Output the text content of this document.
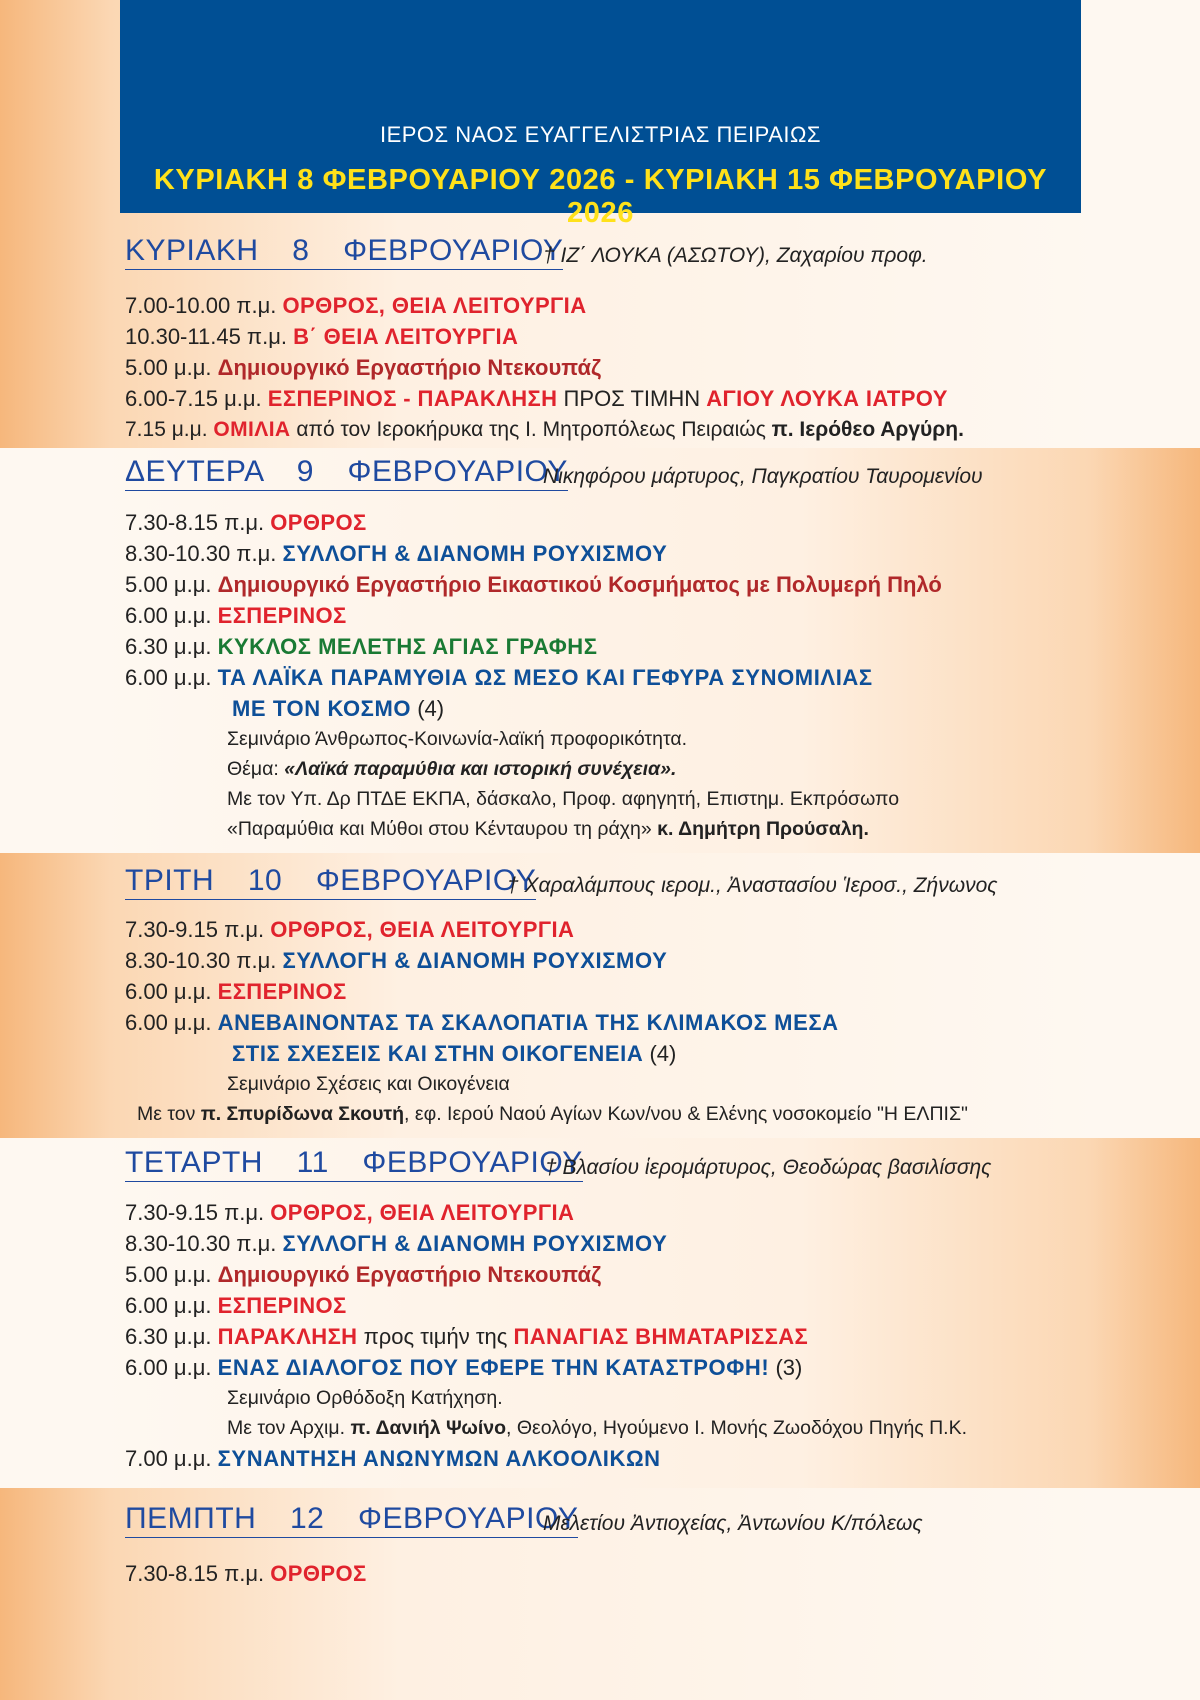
ΙΕΡΟΣ ΝΑΟΣ ΕΥΑΓΓΕΛΙΣΤΡΙΑΣ ΠΕΙΡΑΙΩΣ
ΚΥΡΙΑΚΗ 8 ΦΕΒΡΟΥΑΡΙΟΥ 2026 - ΚΥΡΙΑΚΗ 15 ΦΕΒΡΟΥΑΡΙΟΥ 2026
ΚΥΡΙΑΚΗ  8  ΦΕΒΡΟΥΑΡΙΟΥ
† ΙΖ΄ ΛΟΥΚΑ (ΑΣΩΤΟΥ), Ζαχαρίου προφ.
7.00-10.00 π.μ. ΟΡΘΡΟΣ, ΘΕΙΑ ΛΕΙΤΟΥΡΓΙΑ
10.30-11.45 π.μ. Β΄ ΘΕΙΑ ΛΕΙΤΟΥΡΓΙΑ
5.00 μ.μ. Δημιουργικό Εργαστήριο Ντεκουπάζ
6.00-7.15 μ.μ. ΕΣΠΕΡΙΝΟΣ - ΠΑΡΑΚΛΗΣΗ ΠΡΟΣ ΤΙΜΗΝ ΑΓΙΟΥ ΛΟΥΚΑ ΙΑΤΡΟΥ
7.15 μ.μ. ΟΜΙΛΙΑ από τον Ιεροκήρυκα της Ι. Μητροπόλεως Πειραιώς π. Ιερόθεο Αργύρη.
ΔΕΥΤΕΡΑ  9  ΦΕΒΡΟΥΑΡΙΟΥ
Νικηφόρου μάρτυρος, Παγκρατίου Ταυρομενίου
7.30-8.15 π.μ. ΟΡΘΡΟΣ
8.30-10.30 π.μ. ΣΥΛΛΟΓΗ & ΔΙΑΝΟΜΗ ΡΟΥΧΙΣΜΟΥ
5.00 μ.μ. Δημιουργικό Εργαστήριο Εικαστικού Κοσμήματος με Πολυμερή Πηλό
6.00 μ.μ. ΕΣΠΕΡΙΝΟΣ
6.30 μ.μ. ΚΥΚΛΟΣ ΜΕΛΕΤΗΣ ΑΓΙΑΣ ΓΡΑΦΗΣ
6.00 μ.μ. ΤΑ ΛΑΪΚΑ ΠΑΡΑΜΥΘΙΑ ΩΣ ΜΕΣΟ ΚΑΙ ΓΕΦΥΡΑ ΣΥΝΟΜΙΛΙΑΣ
ΜΕ ΤΟΝ ΚΟΣΜΟ (4)
Σεμινάριο Άνθρωπος-Κοινωνία-λαϊκή προφορικότητα.
Θέμα: «Λαϊκά παραμύθια και ιστορική συνέχεια».
Με τον Υπ. Δρ ΠΤΔΕ ΕΚΠΑ, δάσκαλο, Προφ. αφηγητή, Επιστημ. Εκπρόσωπο
«Παραμύθια και Μύθοι στου Κένταυρου τη ράχη» κ. Δημήτρη Προύσαλη.
ΤΡΙΤΗ  10  ΦΕΒΡΟΥΑΡΙΟΥ
† Χαραλάμπους ιερομ., Ἀναστασίου Ἱεροσ., Ζήνωνος
7.30-9.15 π.μ. ΟΡΘΡΟΣ, ΘΕΙΑ ΛΕΙΤΟΥΡΓΙΑ
8.30-10.30 π.μ. ΣΥΛΛΟΓΗ & ΔΙΑΝΟΜΗ ΡΟΥΧΙΣΜΟΥ
6.00 μ.μ. ΕΣΠΕΡΙΝΟΣ
6.00 μ.μ. ΑΝΕΒΑΙΝΟΝΤΑΣ ΤΑ ΣΚΑΛΟΠΑΤΙΑ ΤΗΣ ΚΛΙΜΑΚΟΣ ΜΕΣΑ
ΣΤΙΣ ΣΧΕΣΕΙΣ ΚΑΙ ΣΤΗΝ ΟΙΚΟΓΕΝΕΙΑ (4)
Σεμινάριο Σχέσεις και Οικογένεια
Με τον π. Σπυρίδωνα Σκουτή, εφ. Ιερού Ναού Αγίων Κων/νου & Ελένης νοσοκομείο "Η ΕΛΠΙΣ"
ΤΕΤΑΡΤΗ  11  ΦΕΒΡΟΥΑΡΙΟΥ
† Βλασίου ἱερομάρτυρος, Θεοδώρας βασιλίσσης
7.30-9.15 π.μ. ΟΡΘΡΟΣ, ΘΕΙΑ ΛΕΙΤΟΥΡΓΙΑ
8.30-10.30 π.μ. ΣΥΛΛΟΓΗ & ΔΙΑΝΟΜΗ ΡΟΥΧΙΣΜΟΥ
5.00 μ.μ. Δημιουργικό Εργαστήριο Ντεκουπάζ
6.00 μ.μ. ΕΣΠΕΡΙΝΟΣ
6.30 μ.μ. ΠΑΡΑΚΛΗΣΗ προς τιμήν της ΠΑΝΑΓΙΑΣ ΒΗΜΑΤΑΡΙΣΣΑΣ
6.00 μ.μ. ΕΝΑΣ ΔΙΑΛΟΓΟΣ ΠΟΥ ΕΦΕΡΕ ΤΗΝ ΚΑΤΑΣΤΡΟΦΗ! (3)
Σεμινάριο Ορθόδοξη Κατήχηση.
Με τον Αρχιμ. π. Δανιήλ Ψωίνο, Θεολόγο, Ηγούμενο Ι. Μονής Ζωοδόχου Πηγής Π.Κ.
7.00 μ.μ. ΣΥΝΑΝΤΗΣΗ ΑΝΩΝΥΜΩΝ ΑΛΚΟΟΛΙΚΩΝ
ΠΕΜΠΤΗ  12  ΦΕΒΡΟΥΑΡΙΟΥ
Μελετίου Ἀντιοχείας, Ἀντωνίου Κ/πόλεως
7.30-8.15 π.μ. ΟΡΘΡΟΣ
